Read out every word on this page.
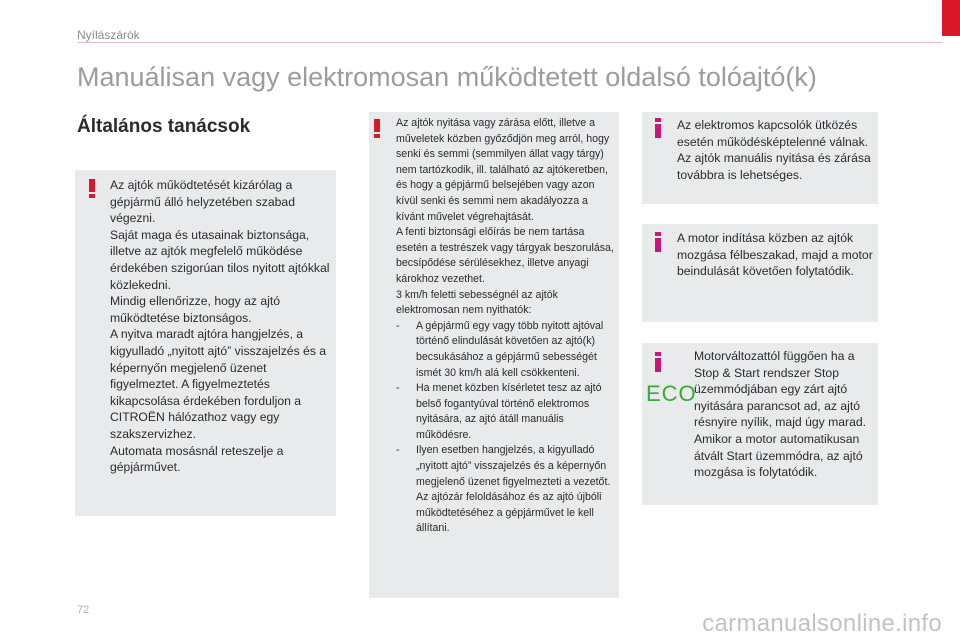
Nyílászárók
Manuálisan vagy elektromosan működtetett oldalsó tolóajtó(k)
Általános tanácsok

Az ajtók működtetését kizárólag a gépjármű álló helyzetében szabad végezni.

Saját maga és utasainak biztonsága, illetve az ajtók megfelelő működése érdekében szigorúan tilos nyitott ajtókkal közlekedni.

Mindig ellenőrizze, hogy az ajtó működtetése biztonságos.

A nyitva maradt ajtóra hangjelzés, a kigyulladó „nyitott ajtó” visszajelzés és a képernyőn megjelenő üzenet figyelmeztet. A figyelmeztetés kikapcsolása érdekében forduljon a CITROËN hálózathoz vagy egy szakszervizhez.

Automata mosásnál reteszelje a gépjárművet.

Az ajtók nyitása vagy zárása előtt, illetve a műveletek közben győződjön meg arról, hogy senki és semmi (semmilyen állat vagy tárgy) nem tartózkodik, ill. található az ajtókeretben, és hogy a gépjármű belsejében vagy azon kívül senki és semmi nem akadályozza a kívánt művelet végrehajtását.

A fenti biztonsági előírás be nem tartása esetén a testrészek vagy tárgyak beszorulása, becsípődése sérülésekhez, illetve anyagi károkhoz vezethet.

3 km/h feletti sebességnél az ajtók elektromosan nem nyithatók:

- A gépjármű egy vagy több nyitott ajtóval történő elindulását követően az ajtó(k) becsukásához a gépjármű sebességét ismét 30 km/h alá kell csökkenteni.
- Ha menet közben kísérletet tesz az ajtó belső fogantyúval történő elektromos nyitására, az ajtó átáll manuális működésre.
- Ilyen esetben hangjelzés, a kigyulladó „nyitott ajtó” visszajelzés és a képernyőn megjelenő üzenet figyelmezteti a vezetőt. Az ajtózár feloldásához és az ajtó újbóli működtetéséhez a gépjárművet le kell állítani.
Az elektromos kapcsolók ütközés esetén működésképtelenné válnak. Az ajtók manuális nyitása és zárása továbbra is lehetséges.
A motor indítása közben az ajtók mozgása félbeszakad, majd a motor beindulását követően folytatódik.
ECO
Motorváltozattól függően ha a Stop & Start rendszer Stop üzemmódjában egy zárt ajtó nyitására parancsot ad, az ajtó résnyire nyílik, majd úgy marad. Amikor a motor automatikusan átvált Start üzemmódra, az ajtó mozgása is folytatódik.
72	carmanualsonline.info
